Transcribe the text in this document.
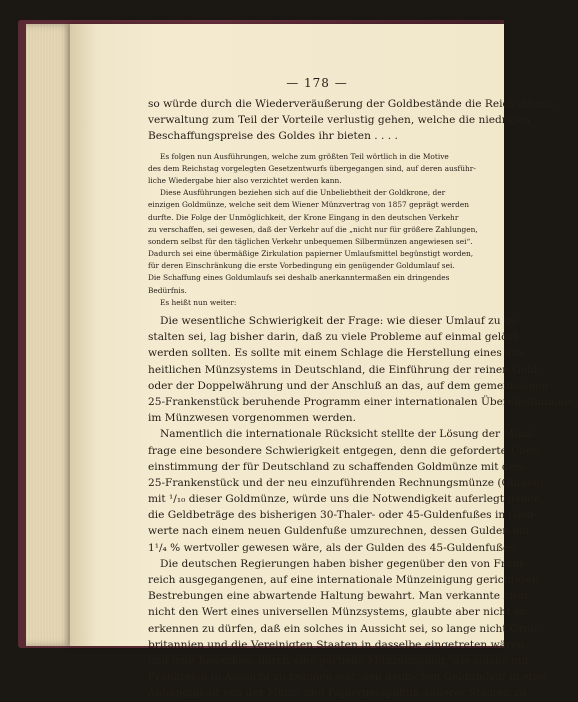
— 178 —
so würde durch die Wiederveräußerung der Goldbestände die Reichsfinanz-
verwaltung zum Teil der Vorteile verlustig gehen, welche die niedrigen
Beschaffungspreise des Goldes ihr bieten . . . .
Es folgen nun Ausführungen, welche zum größten Teil wörtlich in die Motive
des dem Reichstag vorgelegten Gesetzentwurfs übergegangen sind, auf deren ausführ-
liche Wiedergabe hier also verzichtet werden kann.
Diese Ausführungen beziehen sich auf die Unbeliebtheit der Goldkrone, der
einzigen Goldmünze, welche seit dem Wiener Münzvertrag von 1857 geprägt werden
durfte. Die Folge der Unmöglichkeit, der Krone Eingang in den deutschen Verkehr
zu verschaffen, sei gewesen, daß der Verkehr auf die „nicht nur für größere Zahlungen,
sondern selbst für den täglichen Verkehr unbequemen Silbermünzen angewiesen sei“.
Dadurch sei eine übermäßige Zirkulation papierner Umlaufsmittel begünstigt worden,
für deren Einschränkung die erste Vorbedingung ein genügender Goldumlauf sei.
Die Schaffung eines Goldumlaufs sei deshalb anerkanntermaßen ein dringendes
Bedürfnis.
Es heißt nun weiter:
Die wesentliche Schwierigkeit der Frage: wie dieser Umlauf zu ge-
stalten sei, lag bisher darin, daß zu viele Probleme auf einmal gelöst
werden sollten. Es sollte mit einem Schlage die Herstellung eines ein-
heitlichen Münzsystems in Deutschland, die Einführung der reinen Gold-
oder der Doppelwährung und der Anschluß an das, auf dem gemeinsamen
25-Frankenstück beruhende Programm einer internationalen Übereinstimmung
im Münzwesen vorgenommen werden.
Namentlich die internationale Rücksicht stellte der Lösung der Münz-
frage eine besondere Schwierigkeit entgegen, denn die geforderte Über-
einstimmung der für Deutschland zu schaffenden Goldmünze mit dem
25-Frankenstück und der neu einzuführenden Rechnungsmünze (Gulden)
mit ¹/₁₀ dieser Goldmünze, würde uns die Notwendigkeit auferlegt haben,
die Geldbeträge des bisherigen 30-Thaler- oder 45-Guldenfußes in Geld-
werte nach einem neuen Guldenfuße umzurechnen, dessen Gulden um
1¹/₄ % wertvoller gewesen wäre, als der Gulden des 45-Guldenfußes.
Die deutschen Regierungen haben bisher gegenüber den von Frank-
reich ausgegangenen, auf eine internationale Münzeinigung gerichteten
Bestrebungen eine abwartende Haltung bewahrt. Man verkannte zwar
nicht den Wert eines universellen Münzsystems, glaubte aber nicht an-
erkennen zu dürfen, daß ein solches in Aussicht sei, so lange nicht Groß-
britannien und die Vereinigten Staaten in dasselbe eingetreten wären,
und trug Bedenken, durch eine partielle Münzeinigung, wie solche mit
Frankreich in Aussicht zu nehmen war, den deutschen Geldumlauf in eine
Abhängigkeit von der Münz- und Papiergeldpolitik anderer Staaten zu
